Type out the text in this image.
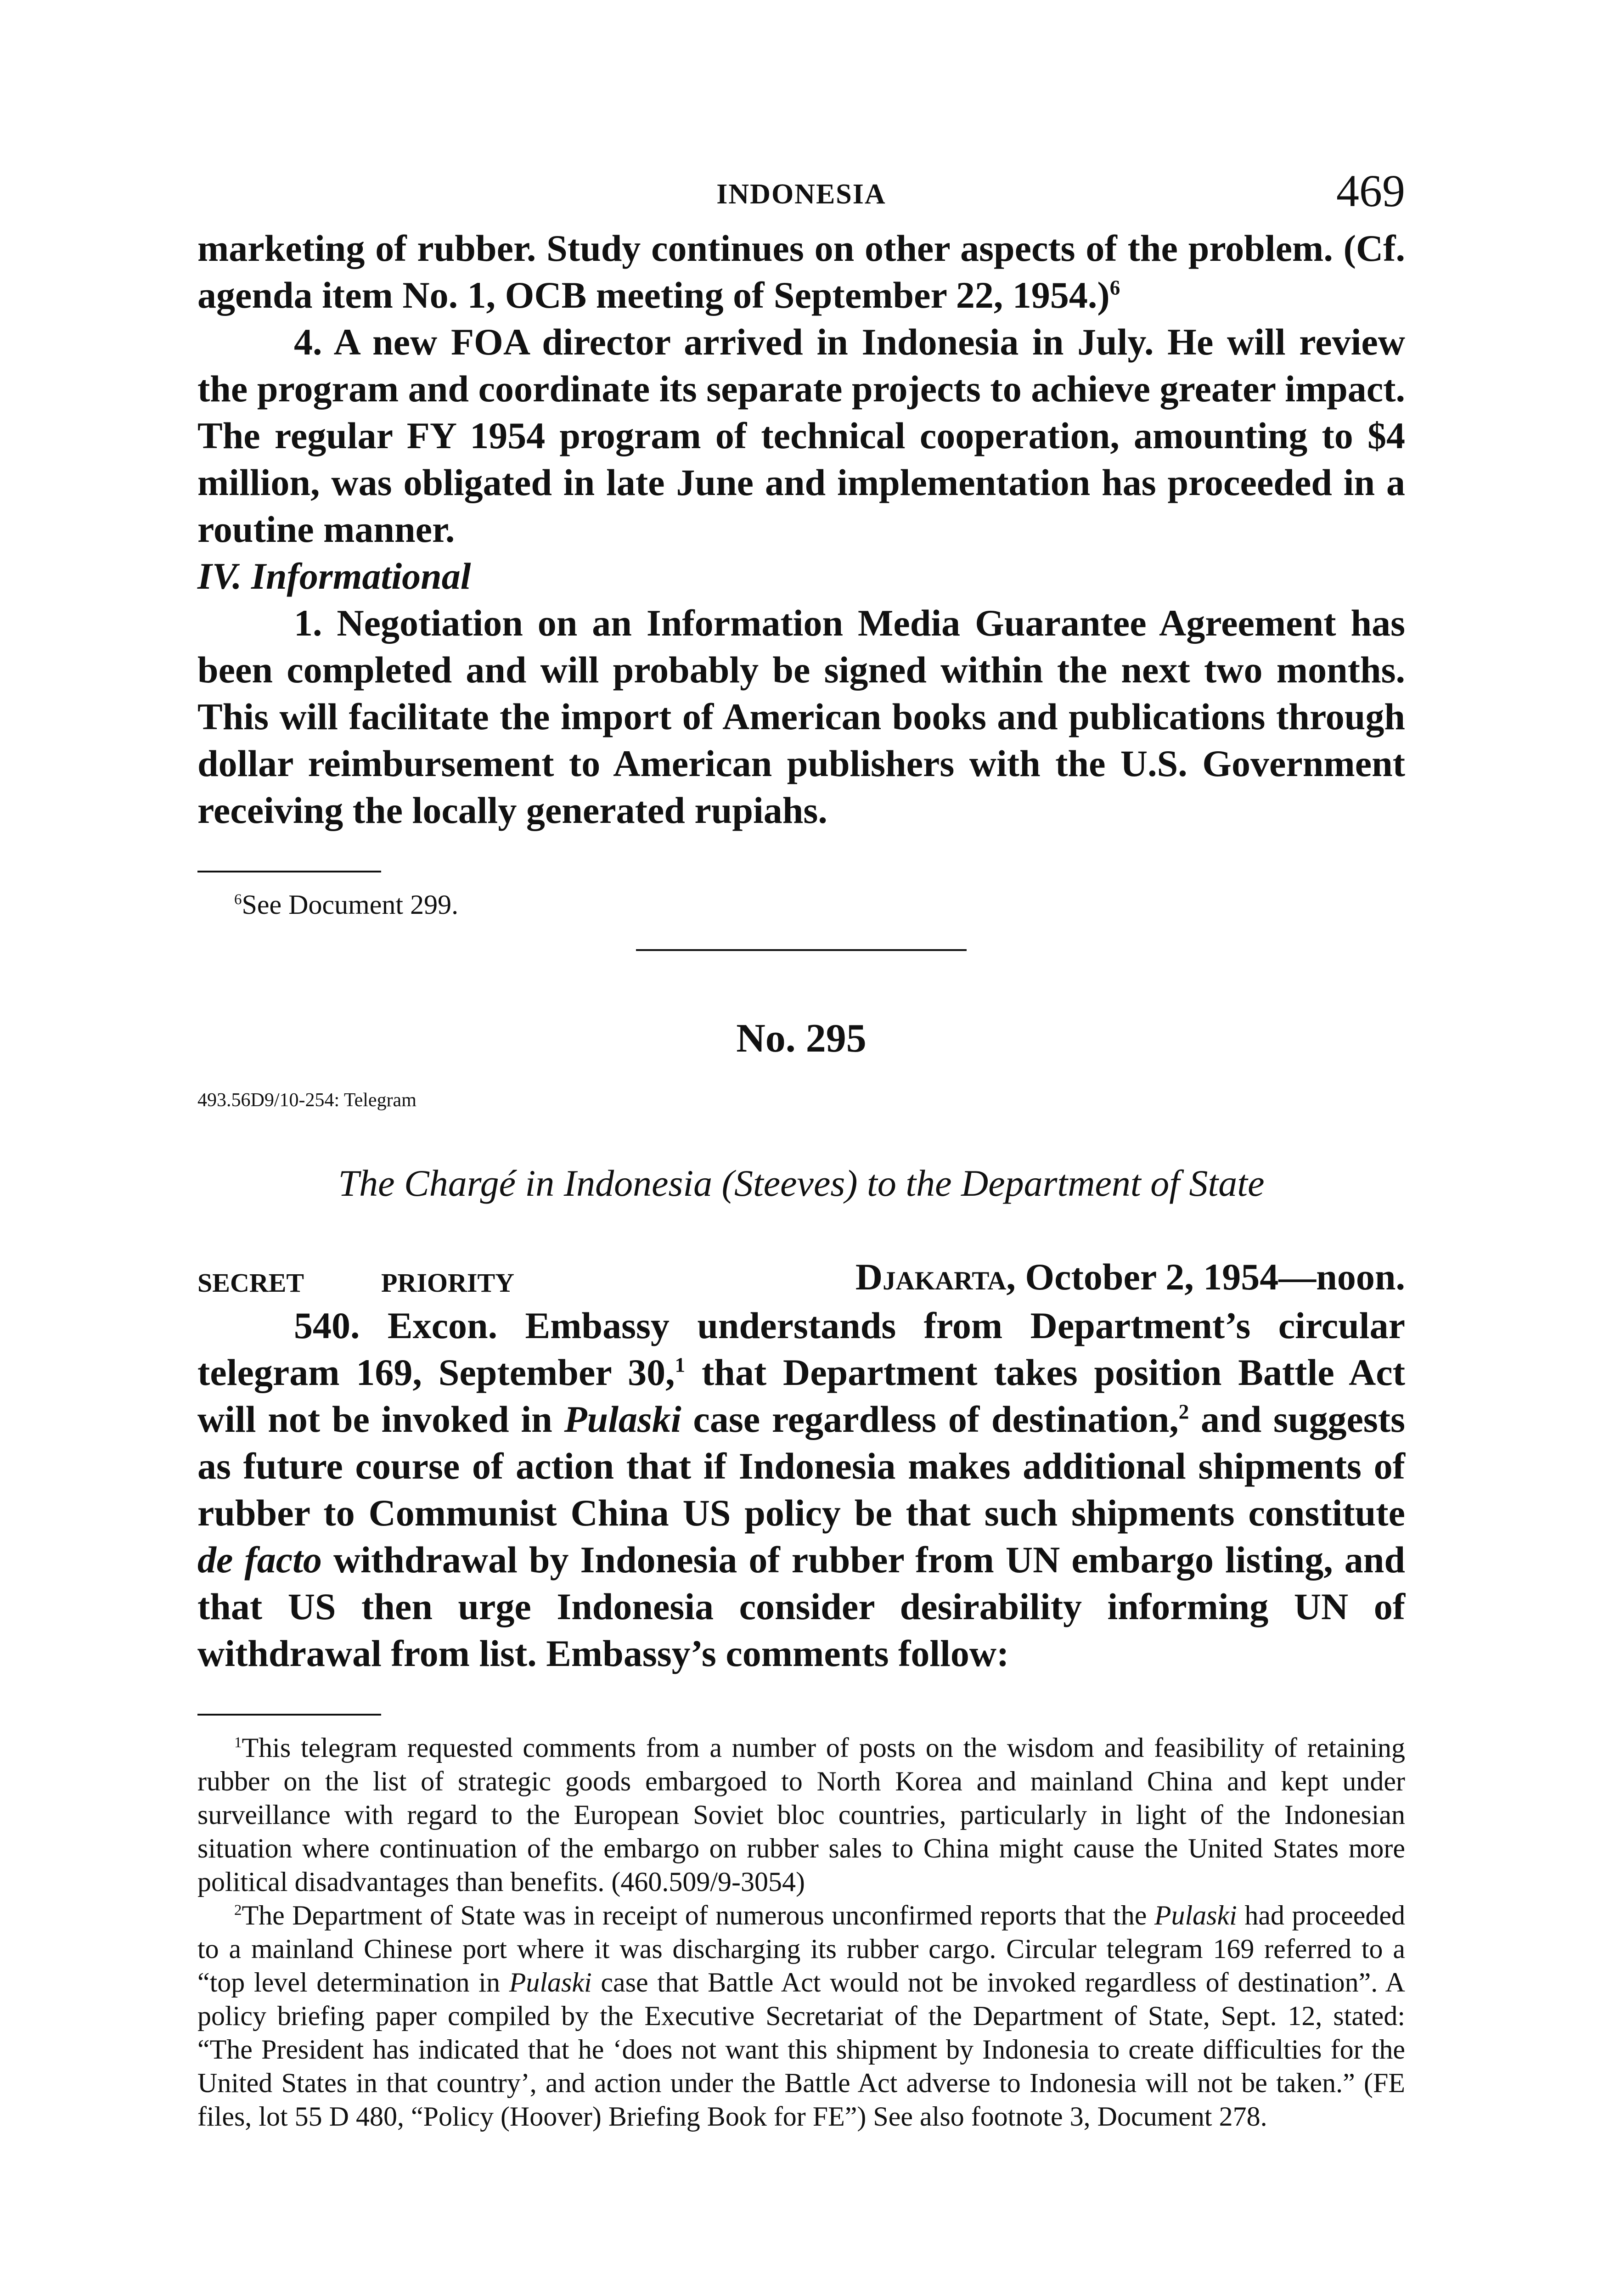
INDONESIA	469

marketing of rubber. Study continues on other aspects of the problem. (Cf. agenda item No. 1, OCB meeting of September 22, 1954.)$^6$

4. A new FOA director arrived in Indonesia in July. He will review the program and coordinate its separate projects to achieve greater impact. The regular FY 1954 program of technical cooperation, amounting to $4 million, was obligated in late June and implementation has proceeded in a routine manner.

IV. Informational

1. Negotiation on an Information Media Guarantee Agreement has been completed and will probably be signed within the next two months. This will facilitate the import of American books and publications through dollar reimbursement to American publishers with the U.S. Government receiving the locally generated rupiahs.

$^6$See Document 299.

No. 295

493.56D9/10-254: Telegram

The Chargé in Indonesia (Steeves) to the Department of State

SECRET	PRIORITY	Djakarta, October 2, 1954—noon.

540. Excon. Embassy understands from Department’s circular telegram 169, September 30,$^1$ that Department takes position Battle Act will not be invoked in Pulaski case regardless of destination,$^2$ and suggests as future course of action that if Indonesia makes additional shipments of rubber to Communist China US policy be that such shipments constitute de facto withdrawal by Indonesia of rubber from UN embargo listing, and that US then urge Indonesia consider desirability informing UN of withdrawal from list. Embassy’s comments follow:

$^1$This telegram requested comments from a number of posts on the wisdom and feasibility of retaining rubber on the list of strategic goods embargoed to North Korea and mainland China and kept under surveillance with regard to the European Soviet bloc countries, particularly in light of the Indonesian situation where continuation of the embargo on rubber sales to China might cause the United States more political disadvantages than benefits. (460.509/9-3054)

$^2$The Department of State was in receipt of numerous unconfirmed reports that the Pulaski had proceeded to a mainland Chinese port where it was discharging its rubber cargo. Circular telegram 169 referred to a “top level determination in Pulaski case that Battle Act would not be invoked regardless of destination”. A policy briefing paper compiled by the Executive Secretariat of the Department of State, Sept. 12, stated: “The President has indicated that he ‘does not want this shipment by Indonesia to create difficulties for the United States in that country’, and action under the Battle Act adverse to Indonesia will not be taken.” (FE files, lot 55 D 480, “Policy (Hoover) Briefing Book for FE”) See also footnote 3, Document 278.
